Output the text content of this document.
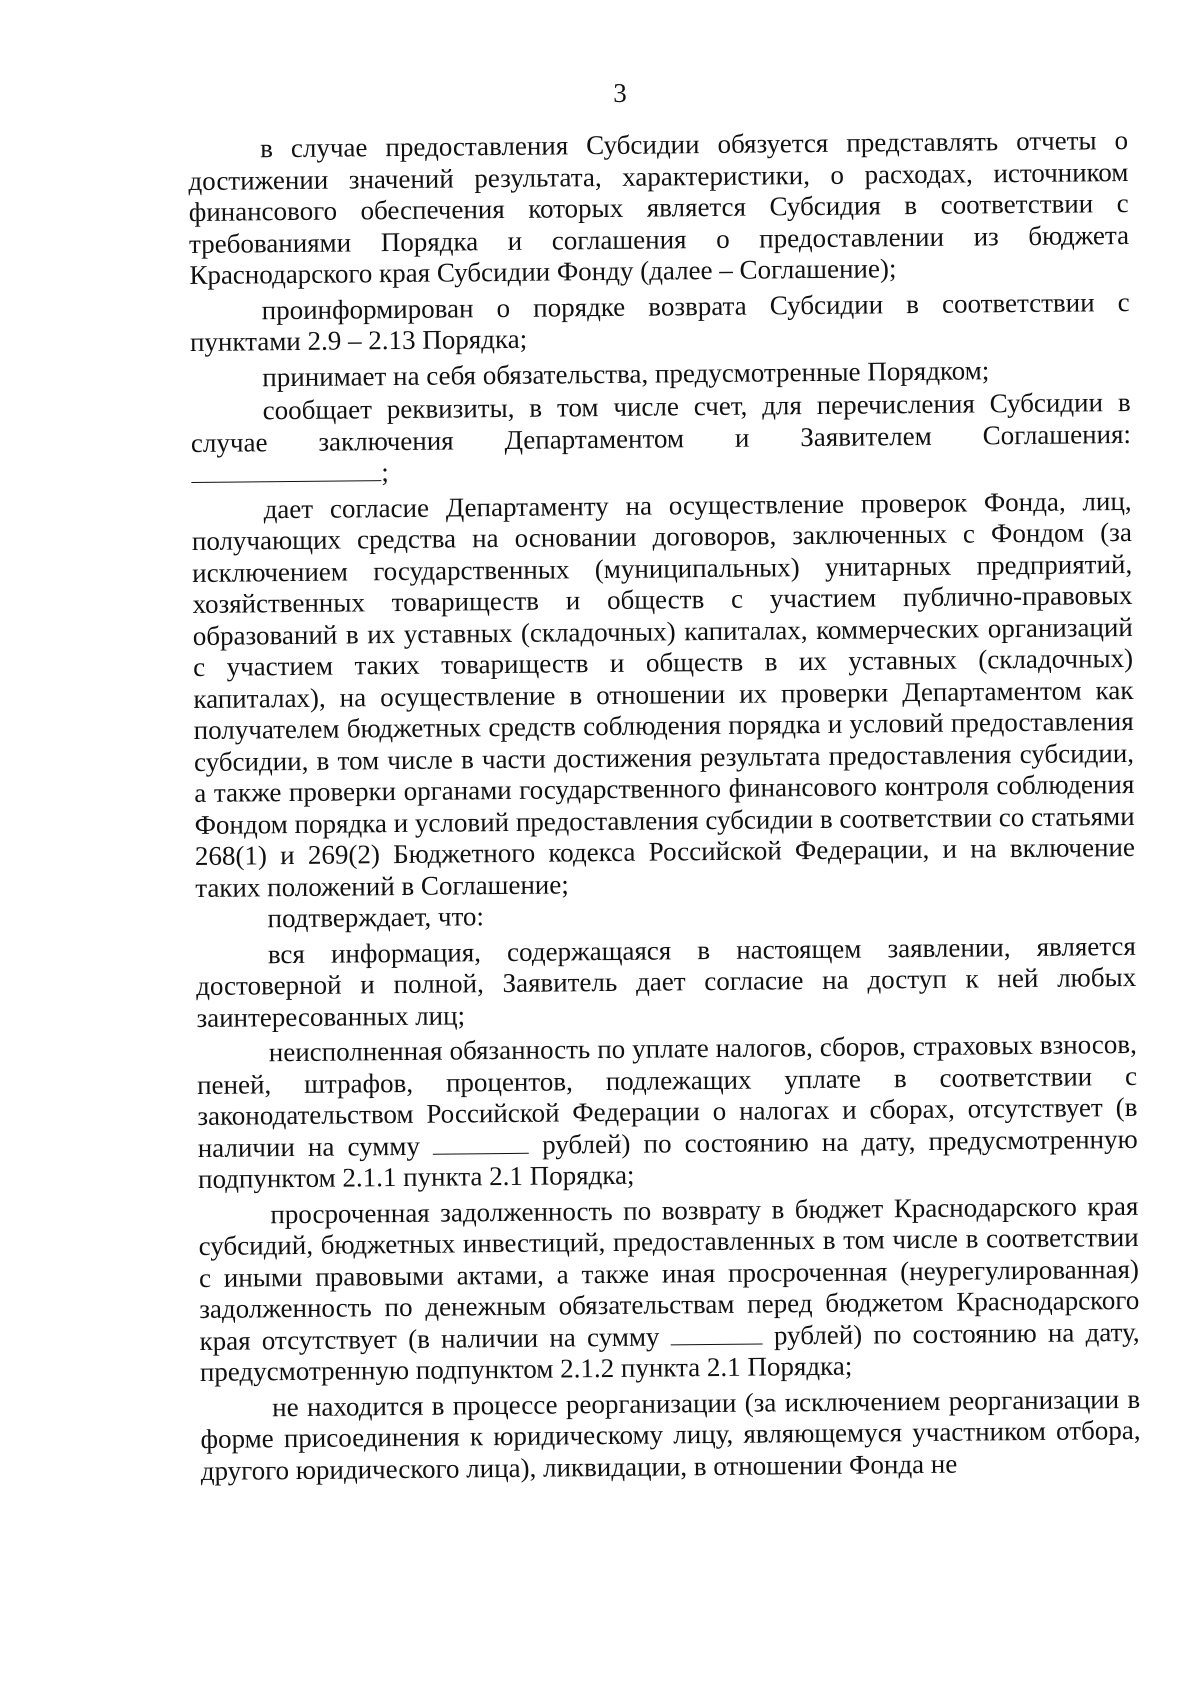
3

в случае предоставления Субсидии обязуется представлять отчеты о достижении значений результата, характеристики, о расходах, источником финансового обеспечения которых является Субсидия в соответствии с требованиями Порядка и соглашения о предоставлении из бюджета Краснодарского края Субсидии Фонду (далее – Соглашение);

проинформирован о порядке возврата Субсидии в соответствии с пунктами 2.9 – 2.13 Порядка;

принимает на себя обязательства, предусмотренные Порядком;

сообщает реквизиты, в том числе счет, для перечисления Субсидии в случае заключения Департаментом и Заявителем Соглашения:
;

дает согласие Департаменту на осуществление проверок Фонда, лиц, получающих средства на основании договоров, заключенных с Фондом (за исключением государственных (муниципальных) унитарных предприятий, хозяйственных товариществ и обществ с участием публично-правовых образований в их уставных (складочных) капиталах, коммерческих организаций с участием таких товариществ и обществ в их уставных (складочных) капиталах), на осуществление в отношении их проверки Департаментом как получателем бюджетных средств соблюдения порядка и условий предоставления субсидии, в том числе в части достижения результата предоставления субсидии, а также проверки органами государственного финансового контроля соблюдения Фондом порядка и условий предоставления субсидии в соответствии со статьями 268(1) и 269(2) Бюджетного кодекса Российской Федерации, и на включение таких положений в Соглашение;

подтверждает, что:

вся информация, содержащаяся в настоящем заявлении, является достоверной и полной, Заявитель дает согласие на доступ к ней любых заинтересованных лиц;

неисполненная обязанность по уплате налогов, сборов, страховых взносов, пеней, штрафов, процентов, подлежащих уплате в соответствии с законодательством Российской Федерации о налогах и сборах, отсутствует (в наличии на сумму	рублей) по состоянию на дату, предусмотренную подпунктом 2.1.1 пункта 2.1 Порядка;

просроченная задолженность по возврату в бюджет Краснодарского края субсидий, бюджетных инвестиций, предоставленных в том числе в соответствии с иными правовыми актами, а также иная просроченная (неурегулированная) задолженность по денежным обязательствам перед бюджетом Краснодарского края отсутствует (в наличии на сумму	рублей) по состоянию на дату, предусмотренную подпунктом 2.1.2 пункта 2.1 Порядка;

не находится в процессе реорганизации (за исключением реорганизации в форме присоединения к юридическому лицу, являющемуся участником отбора, другого юридического лица), ликвидации, в отношении Фонда не
